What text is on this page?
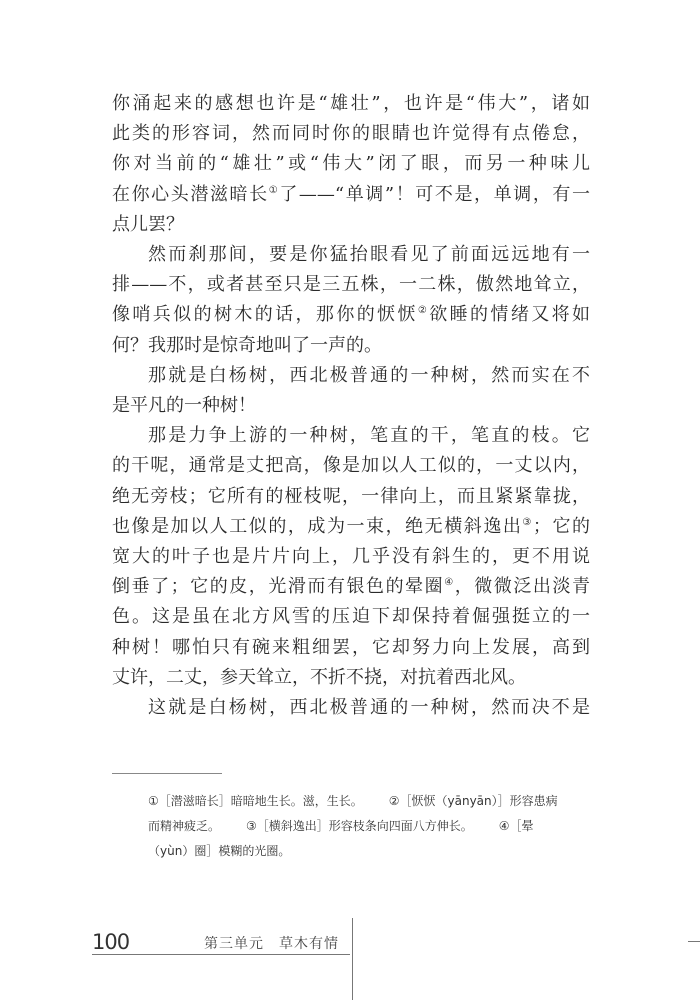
你涌起来的感想也许是“雄壮”，也许是“伟大”，诸如
此类的形容词，然而同时你的眼睛也许觉得有点倦怠，
你对当前的“雄壮”或“伟大”闭了眼，而另一种味儿
在你心头潜滋暗长①了——“单调”！可不是，单调，有一
点儿罢？
然而刹那间，要是你猛抬眼看见了前面远远地有一
排——不，或者甚至只是三五株，一二株，傲然地耸立，
像哨兵似的树木的话，那你的恹恹②欲睡的情绪又将如
何？我那时是惊奇地叫了一声的。
那就是白杨树，西北极普通的一种树，然而实在不
是平凡的一种树！
那是力争上游的一种树，笔直的干，笔直的枝。它
的干呢，通常是丈把高，像是加以人工似的，一丈以内，
绝无旁枝；它所有的桠枝呢，一律向上，而且紧紧靠拢，
也像是加以人工似的，成为一束，绝无横斜逸出③；它的
宽大的叶子也是片片向上，几乎没有斜生的，更不用说
倒垂了；它的皮，光滑而有银色的晕圈④，微微泛出淡青
色。这是虽在北方风雪的压迫下却保持着倔强挺立的一
种树！哪怕只有碗来粗细罢，它却努力向上发展，高到
丈许，二丈，参天耸立，不折不挠，对抗着西北风。
这就是白杨树，西北极普通的一种树，然而决不是
①［潜滋暗长］暗暗地生长。滋，生长。 ②［恹恹（yānyān）］形容患病
而精神疲乏。 ③［横斜逸出］形容枝条向四面八方伸长。 ④［晕
（yùn）圈］模糊的光圈。
100	第三单元　草木有情
